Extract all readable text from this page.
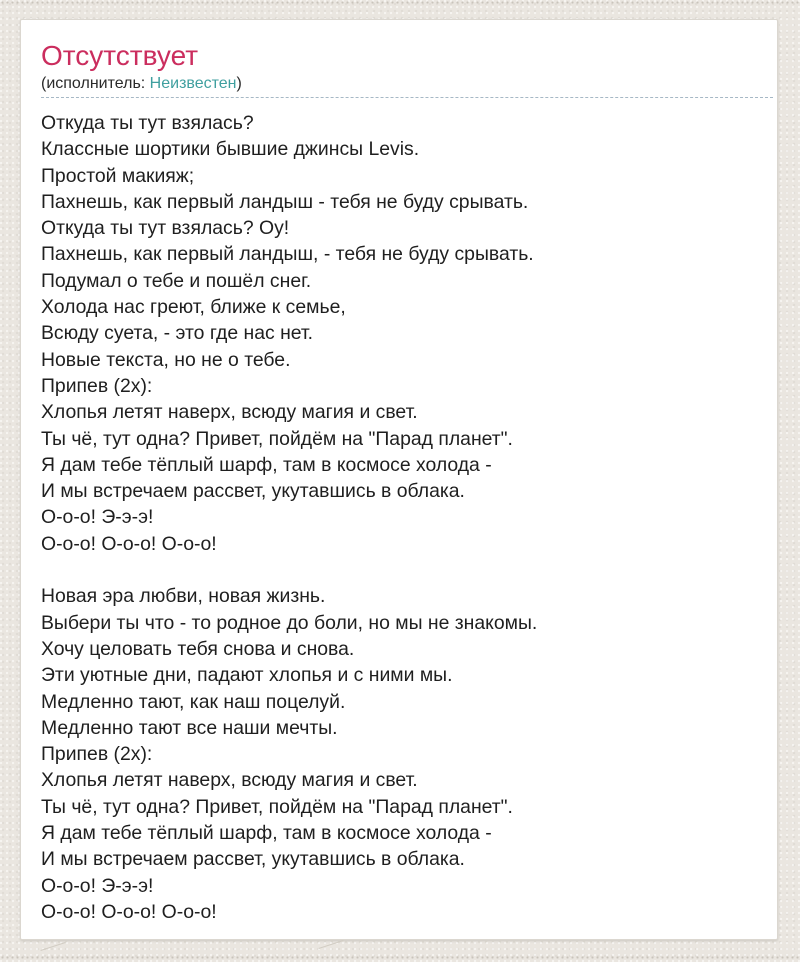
Отсутствует
(исполнитель: Неизвестен)
Откуда ты тут взялась?
Классные шортики бывшие джинсы Levis.
Простой макияж;
Пахнешь, как первый ландыш - тебя не буду срывать.
Откуда ты тут взялась? Оу!
Пахнешь, как первый ландыш, - тебя не буду срывать.
Подумал о тебе и пошёл снег.
Холода нас греют, ближе к семье,
Всюду суета, - это где нас нет.
Новые текста, но не о тебе.
Припев (2x):
Хлопья летят наверх, всюду магия и свет.
Ты чё, тут одна? Привет, пойдём на "Парад планет".
Я дам тебе тёплый шарф, там в космосе холода -
И мы встречаем рассвет, укутавшись в облака.
О-о-о! Э-э-э!
О-о-о! О-о-о! О-о-о!
Новая эра любви, новая жизнь.
Выбери ты что - то родное до боли, но мы не знакомы.
Хочу целовать тебя снова и снова.
Эти уютные дни, падают хлопья и с ними мы.
Медленно тают, как наш поцелуй.
Медленно тают все наши мечты.
Припев (2x):
Хлопья летят наверх, всюду магия и свет.
Ты чё, тут одна? Привет, пойдём на "Парад планет".
Я дам тебе тёплый шарф, там в космосе холода -
И мы встречаем рассвет, укутавшись в облака.
О-о-о! Э-э-э!
О-о-о! О-о-о! О-о-о!
